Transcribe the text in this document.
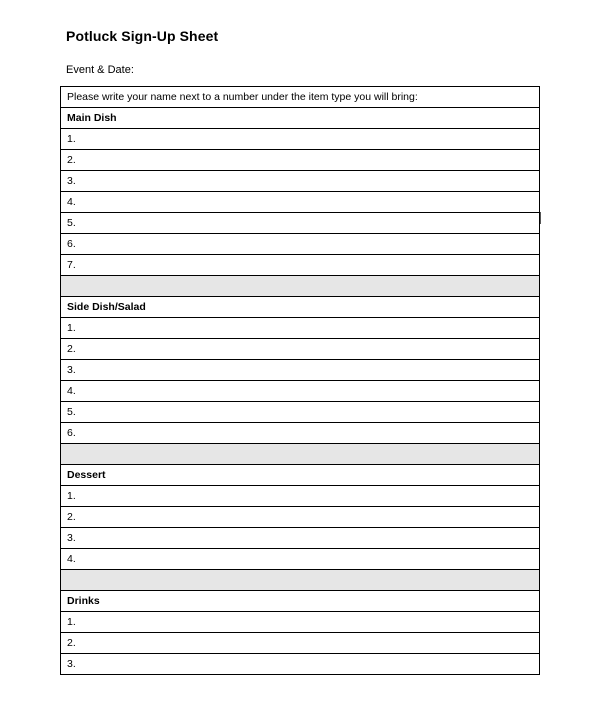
Potluck Sign-Up Sheet
Event & Date:
Please write your name next to a number under the item type you will bring:
Main Dish
1.
2.
3.
4.
5.
6.
7.
Side Dish/Salad
1.
2.
3.
4.
5.
6.
Dessert
1.
2.
3.
4.
Drinks
1.
2.
3.
